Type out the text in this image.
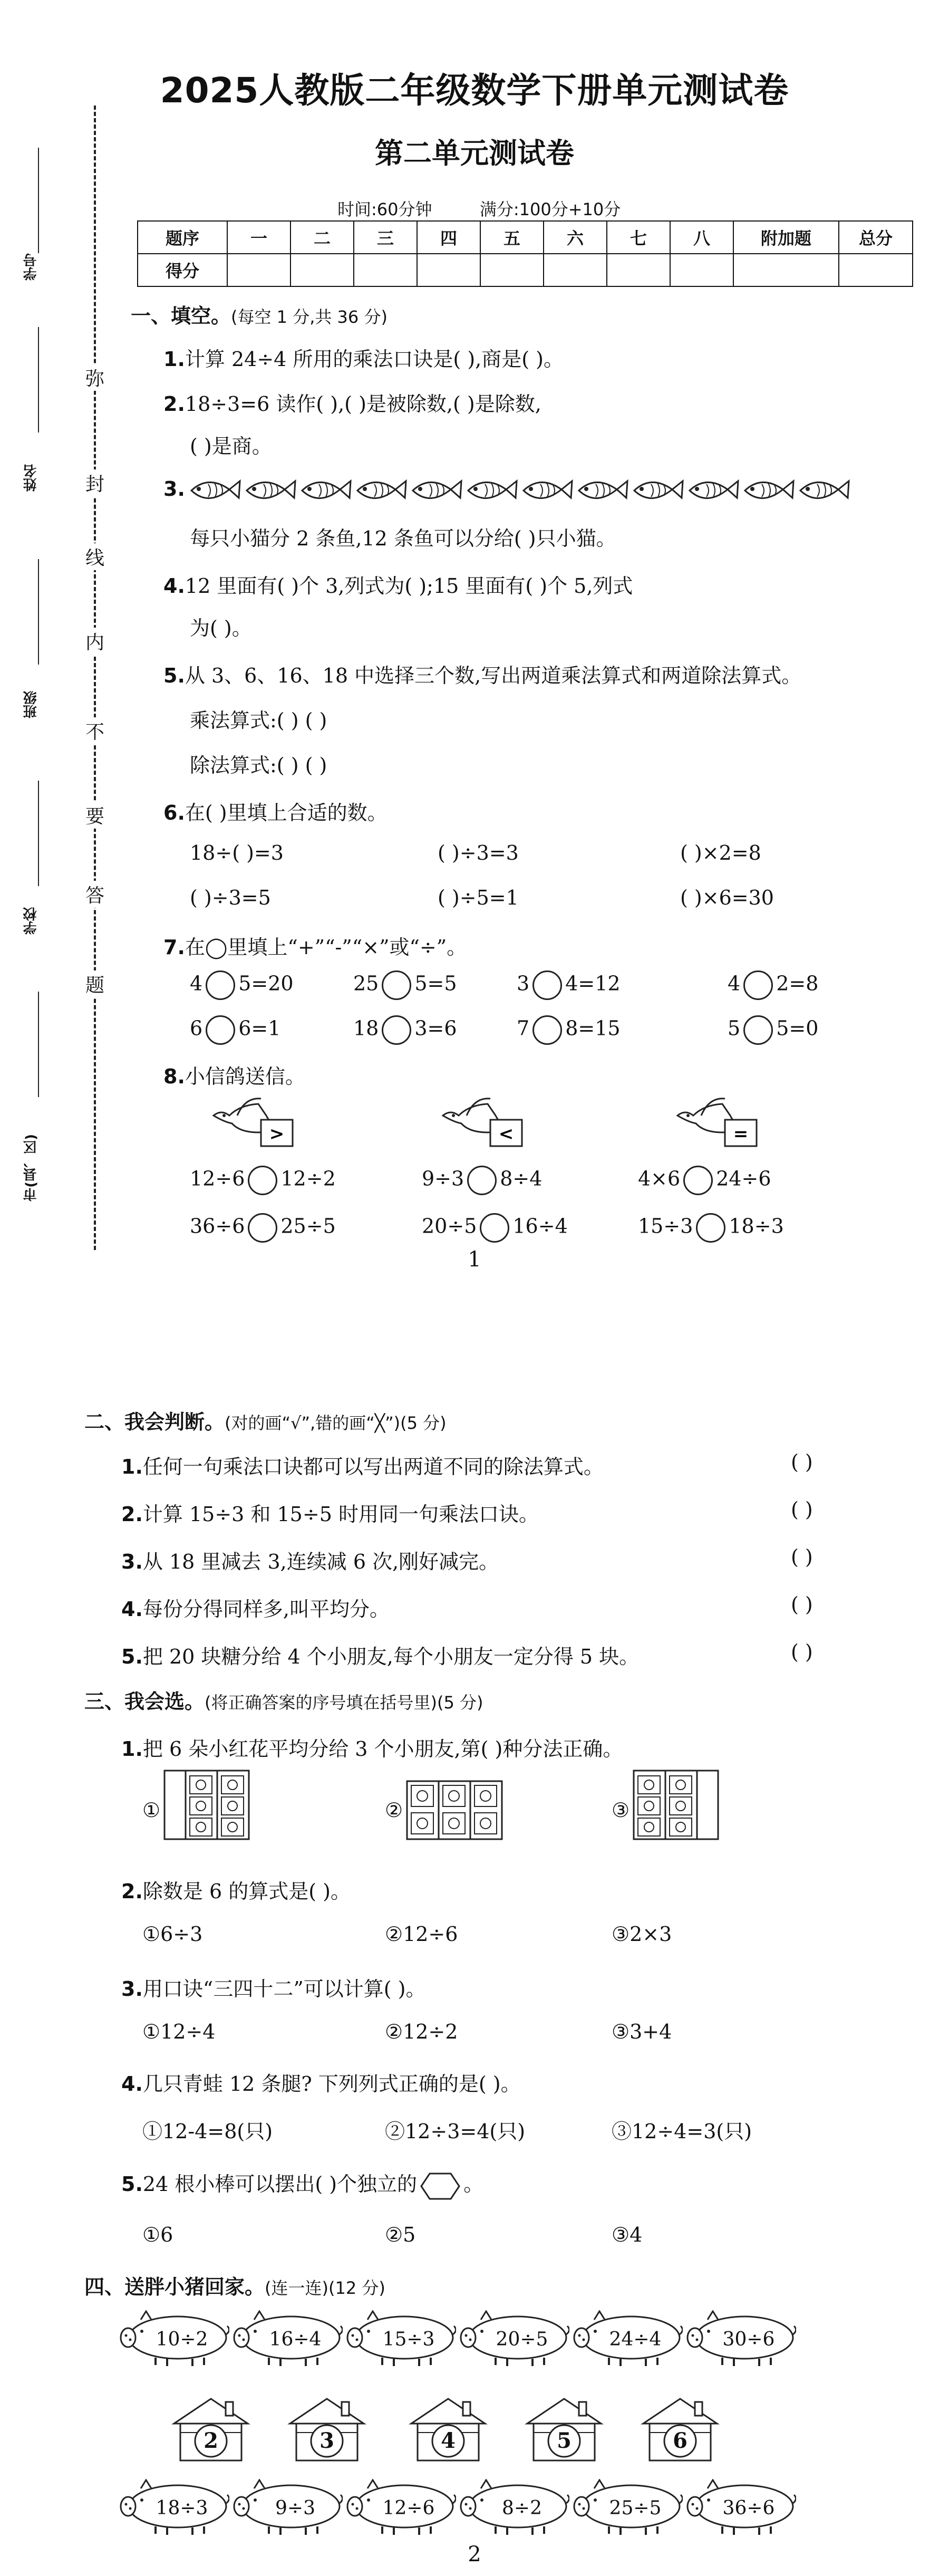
2025人教版二年级数学下册单元测试卷
第二单元测试卷
时间:60分钟	满分:100分+10分
题序	一	二	三	四	五	六	七	八	附加题	总分
得分										
学号
姓名
班级
学校
市(县、区)
弥
封
线
内
不
要
答
题
一、填空。(每空 1 分,共 36 分)
1.计算 24÷4 所用的乘法口诀是( ),商是( )。
2.18÷3=6 读作( ),( )是被除数,( )是除数,
( )是商。
3.
每只小猫分 2 条鱼,12 条鱼可以分给( )只小猫。
4.12 里面有( )个 3,列式为( );15 里面有( )个 5,列式
为( )。
5.从 3、6、16、18 中选择三个数,写出两道乘法算式和两道除法算式。
乘法算式:( ) ( )
除法算式:( ) ( )
6.在( )里填上合适的数。
18÷( )=3	( )÷3=3	( )×2=8
( )÷3=5	( )÷5=1	( )×6=30
7.在◯里填上“+”“-”“×”或“÷”。
4 5=20	25 5=5	3 4=12	4 2=8
6 6=1	18 3=6	7 8=15	5 5=0
8.小信鸽送信。
>	<	=
12÷6 12÷2	9÷3 8÷4	4×6 24÷6
36÷6 25÷5	20÷5 16÷4	15÷3 18÷3
1
二、我会判断。(对的画“√”,错的画“╳”)(5 分)
1.任何一句乘法口诀都可以写出两道不同的除法算式。
2.计算 15÷3 和 15÷5 时用同一句乘法口诀。
3.从 18 里减去 3,连续减 6 次,刚好减完。
4.每份分得同样多,叫平均分。
5.把 20 块糖分给 4 个小朋友,每个小朋友一定分得 5 块。
( )
( )
( )
( )
( )
三、我会选。(将正确答案的序号填在括号里)(5 分)
1.把 6 朵小红花平均分给 3 个小朋友,第( )种分法正确。
①	②	③
2.除数是 6 的算式是( )。
①6÷3	②12÷6	③2×3
3.用口诀“三四十二”可以计算( )。
①12÷4	②12÷2	③3+4
4.几只青蛙 12 条腿? 下列列式正确的是( )。
①12-4=8(只)	②12÷3=4(只)	③12÷4=3(只)
5.24 根小棒可以摆出( )个独立的 。
①6	②5	③4
四、送胖小猪回家。(连一连)(12 分)
2
10÷2	16÷4	15÷3	20÷5	24÷4	30÷6
18÷3	9÷3	12÷6	8÷2	25÷5	36÷6
2	3	4	5	6
